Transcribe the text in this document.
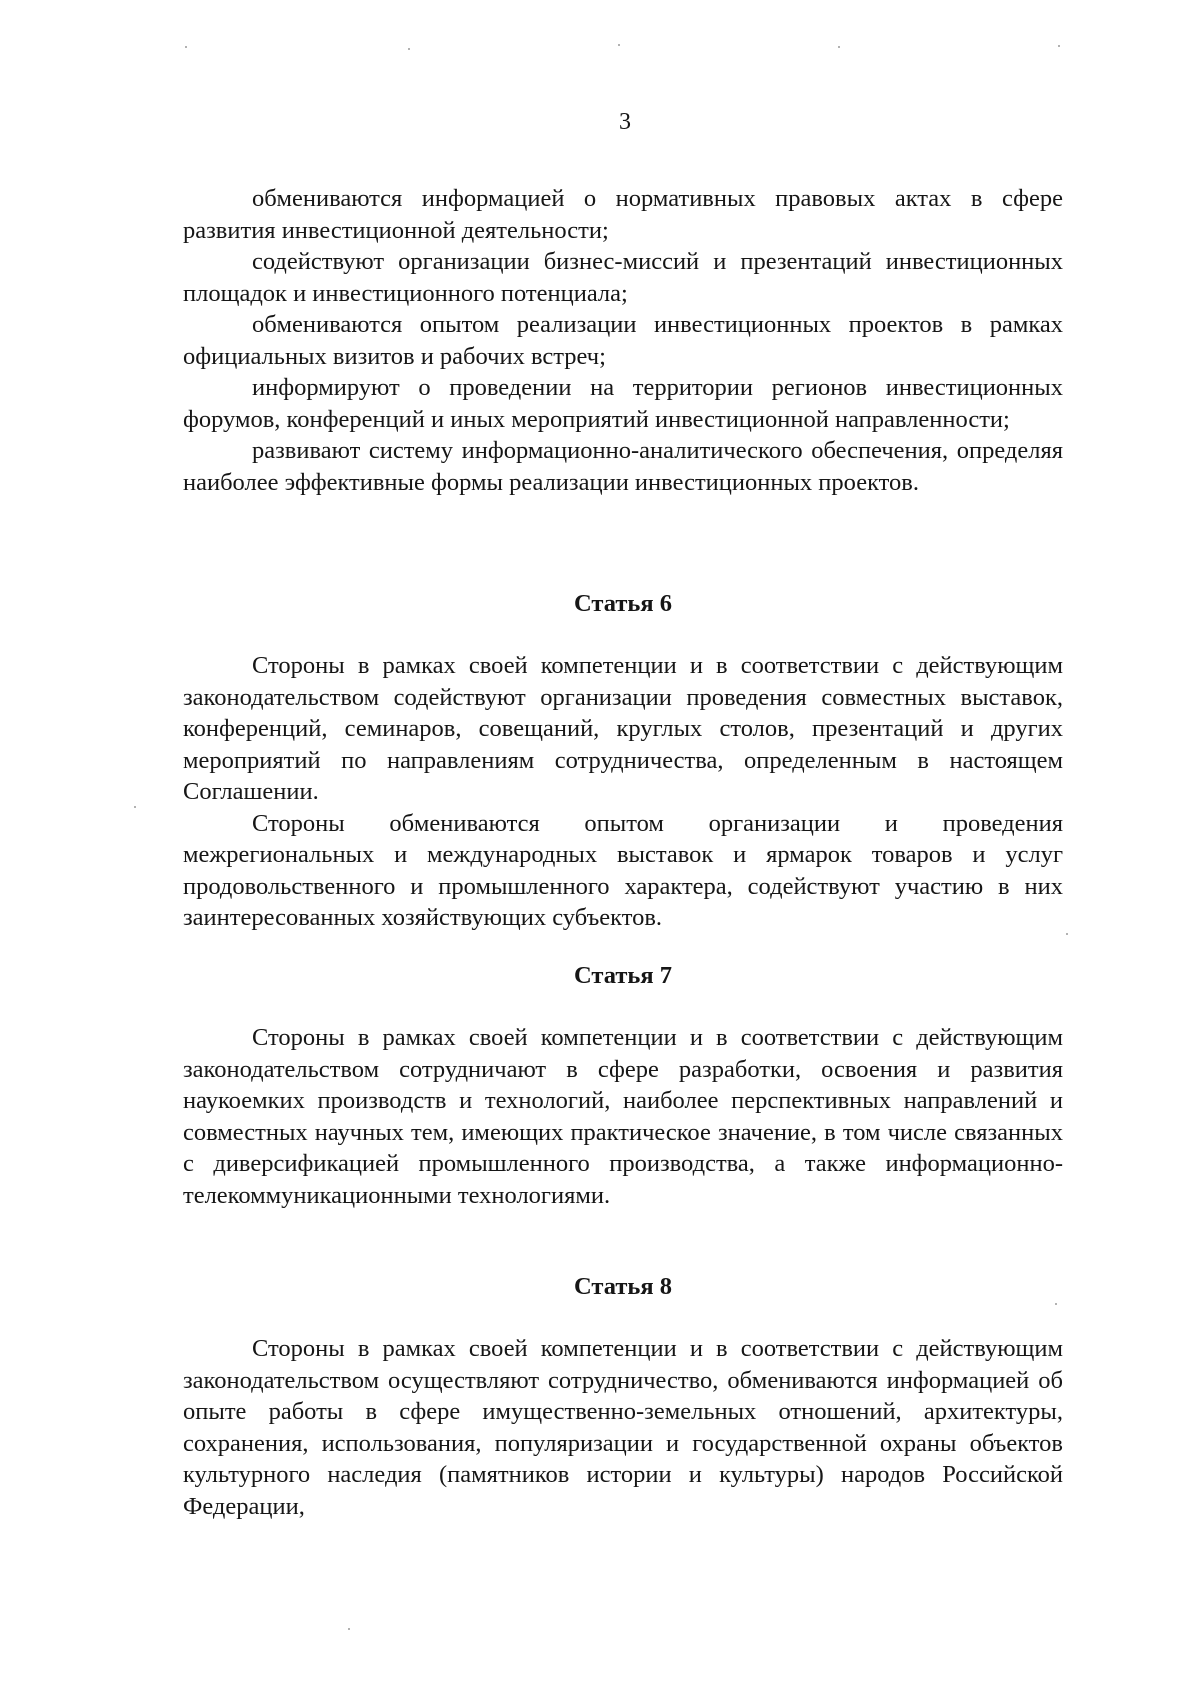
3

обмениваются информацией о нормативных правовых актах в сфере развития инвестиционной деятельности;

содействуют организации бизнес-миссий и презентаций инвестиционных площадок и инвестиционного потенциала;

обмениваются опытом реализации инвестиционных проектов в рамках официальных визитов и рабочих встреч;

информируют о проведении на территории регионов инвестиционных форумов, конференций и иных мероприятий инвестиционной направленности;

развивают систему информационно-аналитического обеспечения, определяя наиболее эффективные формы реализации инвестиционных проектов.

Статья 6

Стороны в рамках своей компетенции и в соответствии с действующим законодательством содействуют организации проведения совместных выставок, конференций, семинаров, совещаний, круглых столов, презентаций и других мероприятий по направлениям сотрудничества, определенным в настоящем Соглашении.

Стороны обмениваются опытом организации и проведения межрегиональных и международных выставок и ярмарок товаров и услуг продовольственного и промышленного характера, содействуют участию в них заинтересованных хозяйствующих субъектов.

Статья 7

Стороны в рамках своей компетенции и в соответствии с действующим законодательством сотрудничают в сфере разработки, освоения и развития наукоемких производств и технологий, наиболее перспективных направлений и совместных научных тем, имеющих практическое значение, в том числе связанных с диверсификацией промышленного производства, а также информационно-телекоммуникационными технологиями.

Статья 8

Стороны в рамках своей компетенции и в соответствии с действующим законодательством осуществляют сотрудничество, обмениваются информацией об опыте работы в сфере имущественно-земельных отношений, архитектуры, сохранения, использования, популяризации и государственной охраны объектов культурного наследия (памятников истории и культуры) народов Российской Федерации,
